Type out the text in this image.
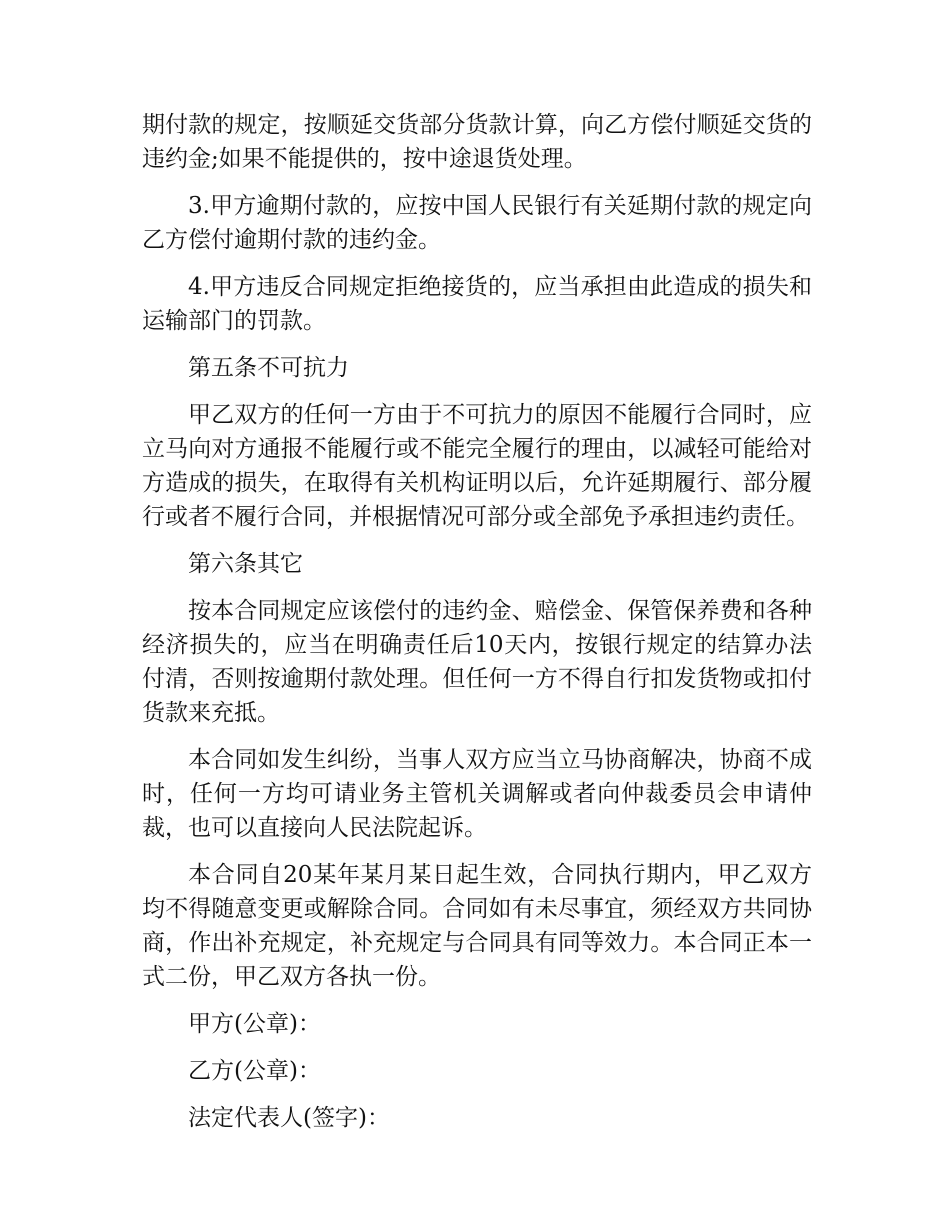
期付款的规定，按顺延交货部分货款计算，向乙方偿付顺延交货的违约金;如果不能提供的，按中途退货处理。

3.甲方逾期付款的，应按中国人民银行有关延期付款的规定向乙方偿付逾期付款的违约金。

4.甲方违反合同规定拒绝接货的，应当承担由此造成的损失和运输部门的罚款。

第五条不可抗力

甲乙双方的任何一方由于不可抗力的原因不能履行合同时，应立马向对方通报不能履行或不能完全履行的理由，以减轻可能给对方造成的损失，在取得有关机构证明以后，允许延期履行、部分履行或者不履行合同，并根据情况可部分或全部免予承担违约责任。

第六条其它

按本合同规定应该偿付的违约金、赔偿金、保管保养费和各种经济损失的，应当在明确责任后10天内，按银行规定的结算办法付清，否则按逾期付款处理。但任何一方不得自行扣发货物或扣付货款来充抵。

本合同如发生纠纷，当事人双方应当立马协商解决，协商不成时，任何一方均可请业务主管机关调解或者向仲裁委员会申请仲裁，也可以直接向人民法院起诉。

本合同自20某年某月某日起生效，合同执行期内，甲乙双方均不得随意变更或解除合同。合同如有未尽事宜，须经双方共同协商，作出补充规定，补充规定与合同具有同等效力。本合同正本一式二份，甲乙双方各执一份。

甲方(公章)：

乙方(公章)：

法定代表人(签字)：
